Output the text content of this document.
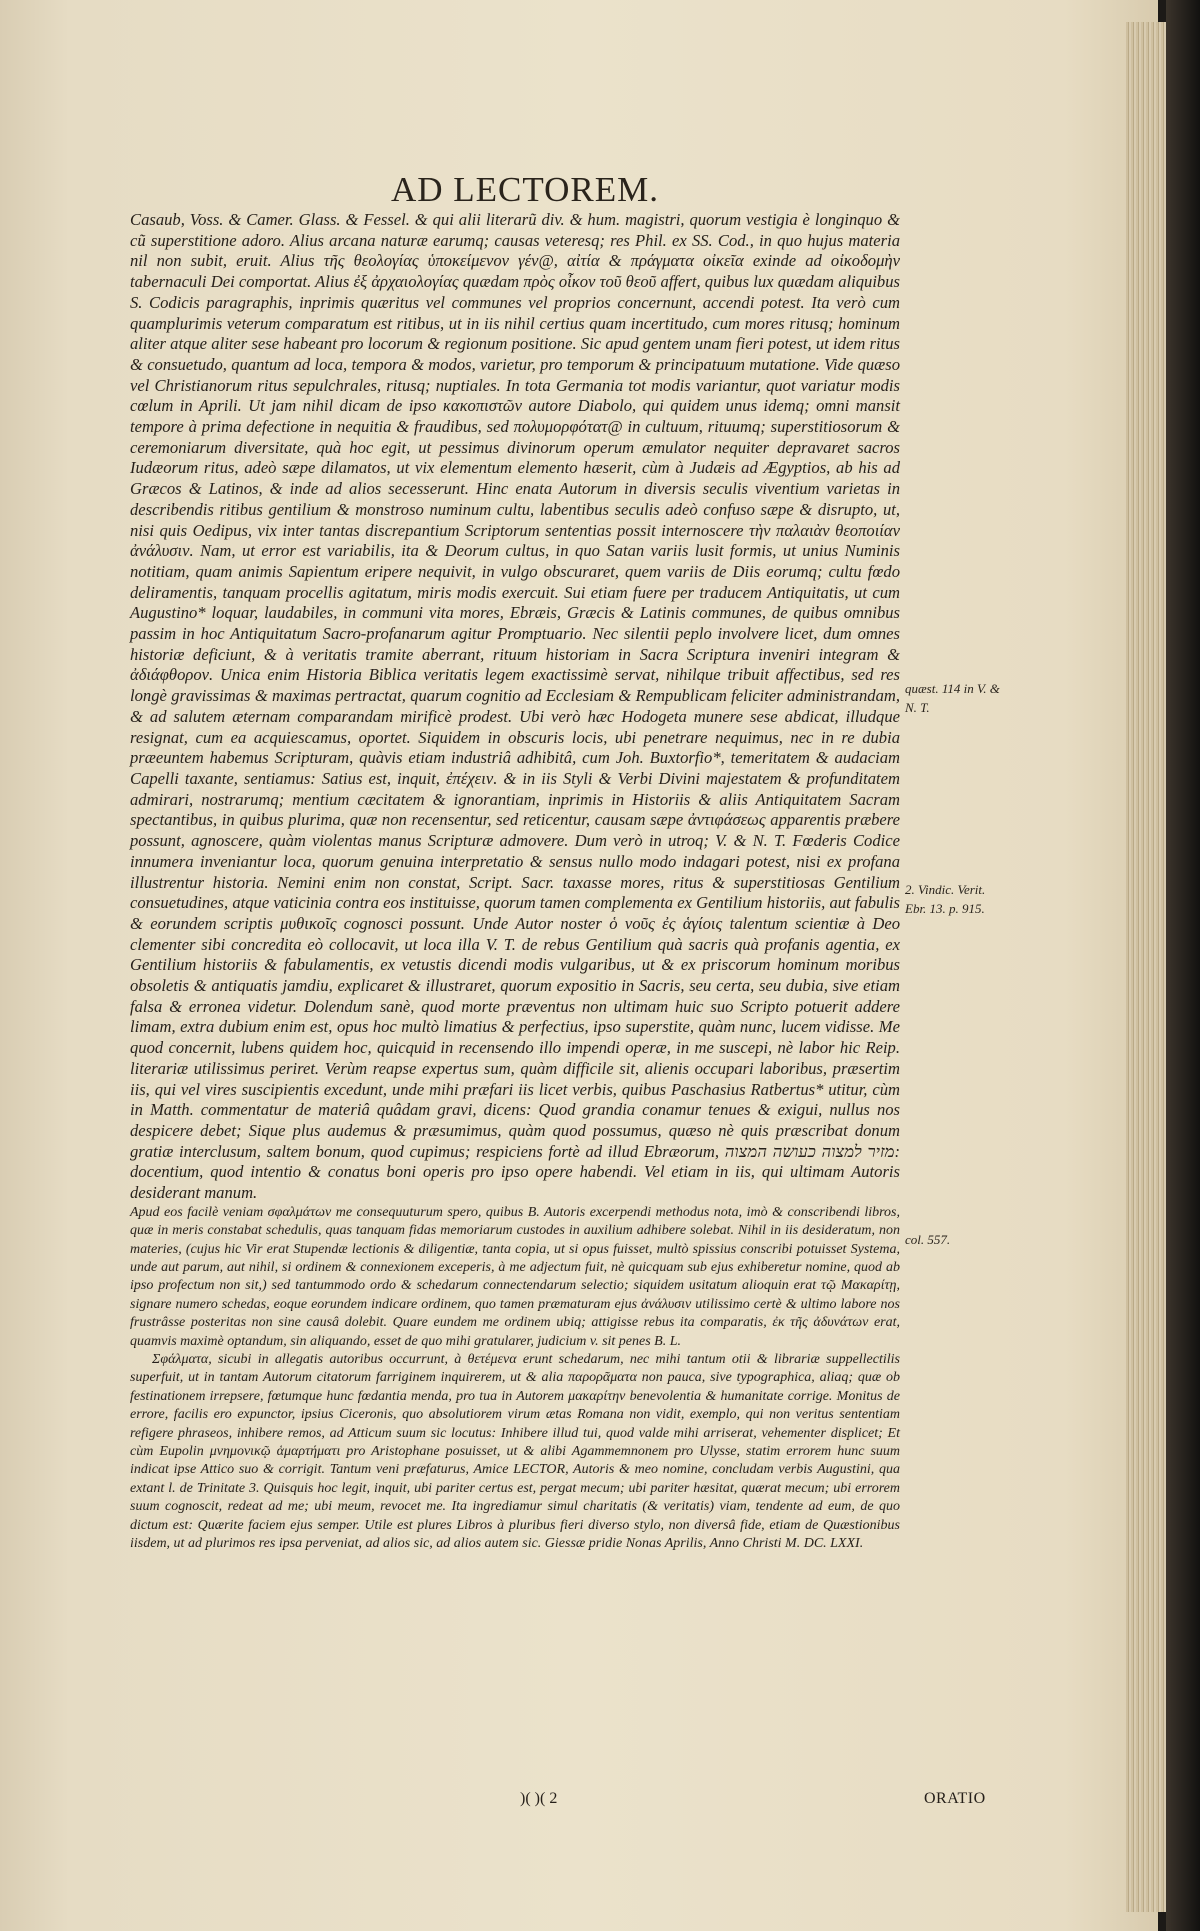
AD LECTOREM.

Casaub, Voss. & Camer. Glass. & Fessel. & qui alii literarũ div. & hum. magistri, quorum vestigia è longinquo & cũ superstitione adoro. Alius arcana naturæ earumq; causas veteresq; res Phil. ex SS. Cod., in quo hujus materia nil non subit, eruit. Alius τῆς θεολογίας ὑποκείμενον γέν@, αἰτία & πράγματα οἰκεῖα exinde ad οἰκοδομὴν tabernaculi Dei comportat. Alius ἐξ ἀρχαιολογίας quædam πρὸς οἶκον τοῦ θεοῦ affert, quibus lux quædam aliquibus S. Codicis paragraphis, inprimis quæritus vel communes vel proprios concernunt, accendi potest. Ita verò cum quamplurimis veterum comparatum est ritibus, ut in iis nihil certius quam incertitudo, cum mores ritusq; hominum aliter atque aliter sese habeant pro locorum & regionum positione. Sic apud gentem unam fieri potest, ut idem ritus & consuetudo, quantum ad loca, tempora & modos, varietur, pro temporum & principatuum mutatione. Vide quæso vel Christianorum ritus sepulchrales, ritusq; nuptiales. In tota Germania tot modis variantur, quot variatur modis cœlum in Aprili. Ut jam nihil dicam de ipso κακοπιστῶν autore Diabolo, qui quidem unus idemq; omni mansit tempore à prima defectione in nequitia & fraudibus, sed πολυμορφότατ@ in cultuum, rituumq; superstitiosorum & ceremoniarum diversitate, quà hoc egit, ut pessimus divinorum operum æmulator nequiter depravaret sacros Iudæorum ritus, adeò sæpe dilamatos, ut vix elementum elemento hæserit, cùm à Judæis ad Ægyptios, ab his ad Græcos & Latinos, & inde ad alios secesserunt. Hinc enata Autorum in diversis seculis viventium varietas in describendis ritibus gentilium & monstroso numinum cultu, labentibus seculis adeò confuso sæpe & disrupto, ut, nisi quis Oedipus, vix inter tantas discrepantium Scriptorum sententias possit internoscere τὴν παλαιὰν θεοποιίαν ἀνάλυσιν. Nam, ut error est variabilis, ita & Deorum cultus, in quo Satan variis lusit formis, ut unius Numinis notitiam, quam animis Sapientum eripere nequivit, in vulgo obscuraret, quem variis de Diis eorumq; cultu fœdo deliramentis, tanquam procellis agitatum, miris modis exercuit. Sui etiam fuere per traducem Antiquitatis, ut cum Augustino* loquar, laudabiles, in communi vita mores, Ebræis, Græcis & Latinis communes, de quibus omnibus passim in hoc Antiquitatum Sacro-profanarum agitur Promptuario. Nec silentii peplo involvere licet, dum omnes historiæ deficiunt, & à veritatis tramite aberrant, rituum historiam in Sacra Scriptura inveniri integram & ἀδιάφθορον. Unica enim Historia Biblica veritatis legem exactissimè servat, nihilque tribuit affectibus, sed res longè gravissimas & maximas pertractat, quarum cognitio ad Ecclesiam & Rempublicam feliciter administrandam, & ad salutem æternam comparandam mirificè prodest. Ubi verò hæc Hodogeta munere sese abdicat, illudque resignat, cum ea acquiescamus, oportet. Siquidem in obscuris locis, ubi penetrare nequimus, nec in re dubia præeuntem habemus Scripturam, quàvis etiam industriâ adhibitâ, cum Joh. Buxtorfio*, temeritatem & audaciam Capelli taxante, sentiamus: Satius est, inquit, ἐπέχειν. & in iis Styli & Verbi Divini majestatem & profunditatem admirari, nostrarumq; mentium cæcitatem & ignorantiam, inprimis in Historiis & aliis Antiquitatem Sacram spectantibus, in quibus plurima, quæ non recensentur, sed reticentur, causam sæpe ἀντιφάσεως apparentis præbere possunt, agnoscere, quàm violentas manus Scripturæ admovere. Dum verò in utroq; V. & N. T. Fœderis Codice innumera inveniantur loca, quorum genuina interpretatio & sensus nullo modo indagari potest, nisi ex profana illustrentur historia. Nemini enim non constat, Script. Sacr. taxasse mores, ritus & superstitiosas Gentilium consuetudines, atque vaticinia contra eos instituisse, quorum tamen complementa ex Gentilium historiis, aut fabulis & eorundem scriptis μυθικοῖς cognosci possunt. Unde Autor noster ὁ νοῦς ἐς ἁγίοις talentum scientiæ à Deo clementer sibi concredita eò collocavit, ut loca illa V. T. de rebus Gentilium quà sacris quà profanis agentia, ex Gentilium historiis & fabulamentis, ex vetustis dicendi modis vulgaribus, ut & ex priscorum hominum moribus obsoletis & antiquatis jamdiu, explicaret & illustraret, quorum expositio in Sacris, seu certa, seu dubia, sive etiam falsa & erronea videtur. Dolendum sanè, quod morte præventus non ultimam huic suo Scripto potuerit addere limam, extra dubium enim est, opus hoc multò limatius & perfectius, ipso superstite, quàm nunc, lucem vidisse. Me quod concernit, lubens quidem hoc, quicquid in recensendo illo impendi operæ, in me suscepi, nè labor hic Reip. literariæ utilissimus periret. Verùm reapse expertus sum, quàm difficile sit, alienis occupari laboribus, præsertim iis, qui vel vires suscipientis excedunt, unde mihi præfari iis licet verbis, quibus Paschasius Ratbertus* utitur, cùm in Matth. commentatur de materiâ quâdam gravi, dicens: Quod grandia conamur tenues & exigui, nullus nos despicere debet; Sique plus audemus & præsumimus, quàm quod possumus, quæso nè quis præscribat donum gratiæ interclusum, saltem bonum, quod cupimus; respiciens fortè ad illud Ebræorum, מזיר למצוה כעושה המצוה: docentium, quod intentio & conatus boni operis pro ipso opere habendi. Vel etiam in iis, qui ultimam Autoris desiderant manum.

Apud eos facilè veniam σφαλμάτων me consequuturum spero, quibus B. Autoris excerpendi methodus nota, imò & conscribendi libros, quæ in meris constabat schedulis, quas tanquam fidas memoriarum custodes in auxilium adhibere solebat. Nihil in iis desideratum, non materies, (cujus hic Vir erat Stupendæ lectionis & diligentiæ, tanta copia, ut si opus fuisset, multò spissius conscribi potuisset Systema, unde aut parum, aut nihil, si ordinem & connexionem exceperis, à me adjectum fuit, nè quicquam sub ejus exhiberetur nomine, quod ab ipso profectum non sit,) sed tantummodo ordo & schedarum connectendarum selectio; siquidem usitatum alioquin erat τῷ Μακαρίτῃ, signare numero schedas, eoque eorundem indicare ordinem, quo tamen præmaturam ejus ἀνάλυσιν utilissimo certè & ultimo labore nos frustrâsse posteritas non sine causâ dolebit. Quare eundem me ordinem ubiq; attigisse rebus ita comparatis, ἐκ τῆς ἀδυνάτων erat, quamvis maximè optandum, sin aliquando, esset de quo mihi gratularer, judicium v. sit penes B. L.

Σφάλματα, sicubi in allegatis autoribus occurrunt, à θετέμενα erunt schedarum, nec mihi tantum otii & librariæ suppellectilis superfuit, ut in tantam Autorum citatorum farriginem inquirerem, ut & alia παρορᾶματα non pauca, sive typographica, aliaq; quæ ob festinationem irrepsere, fœtumque hunc fœdantia menda, pro tua in Autorem μακαρίτην benevolentia & humanitate corrige. Monitus de errore, facilis ero expunctor, ipsius Ciceronis, quo absolutiorem virum ætas Romana non vidit, exemplo, qui non veritus sententiam refigere phraseos, inhibere remos, ad Atticum suum sic locutus: Inhibere illud tui, quod valde mihi arriserat, vehementer displicet; Et cùm Eupolin μνημονικῷ ἁμαρτήματι pro Aristophane posuisset, ut & alibi Agammemnonem pro Ulysse, statim errorem hunc suum indicat ipse Attico suo & corrigit. Tantum veni præfaturus, Amice LECTOR, Autoris & meo nomine, concludam verbis Augustini, qua extant l. de Trinitate 3. Quisquis hoc legit, inquit, ubi pariter certus est, pergat mecum; ubi pariter hæsitat, quærat mecum; ubi errorem suum cognoscit, redeat ad me; ubi meum, revocet me. Ita ingrediamur simul charitatis (& veritatis) viam, tendente ad eum, de quo dictum est: Quærite faciem ejus semper. Utile est plures Libros à pluribus fieri diverso stylo, non diversâ fide, etiam de Quæstionibus iisdem, ut ad plurimos res ipsa perveniat, ad alios sic, ad alios autem sic. Giessæ pridie Nonas Aprilis, Anno Christi M. DC. LXXI.

quæst. 114 in V. & N. T.
2. Vindic. Verit. Ebr. 13. p. 915.
col. 557.
)( )( 2	ORATIO
